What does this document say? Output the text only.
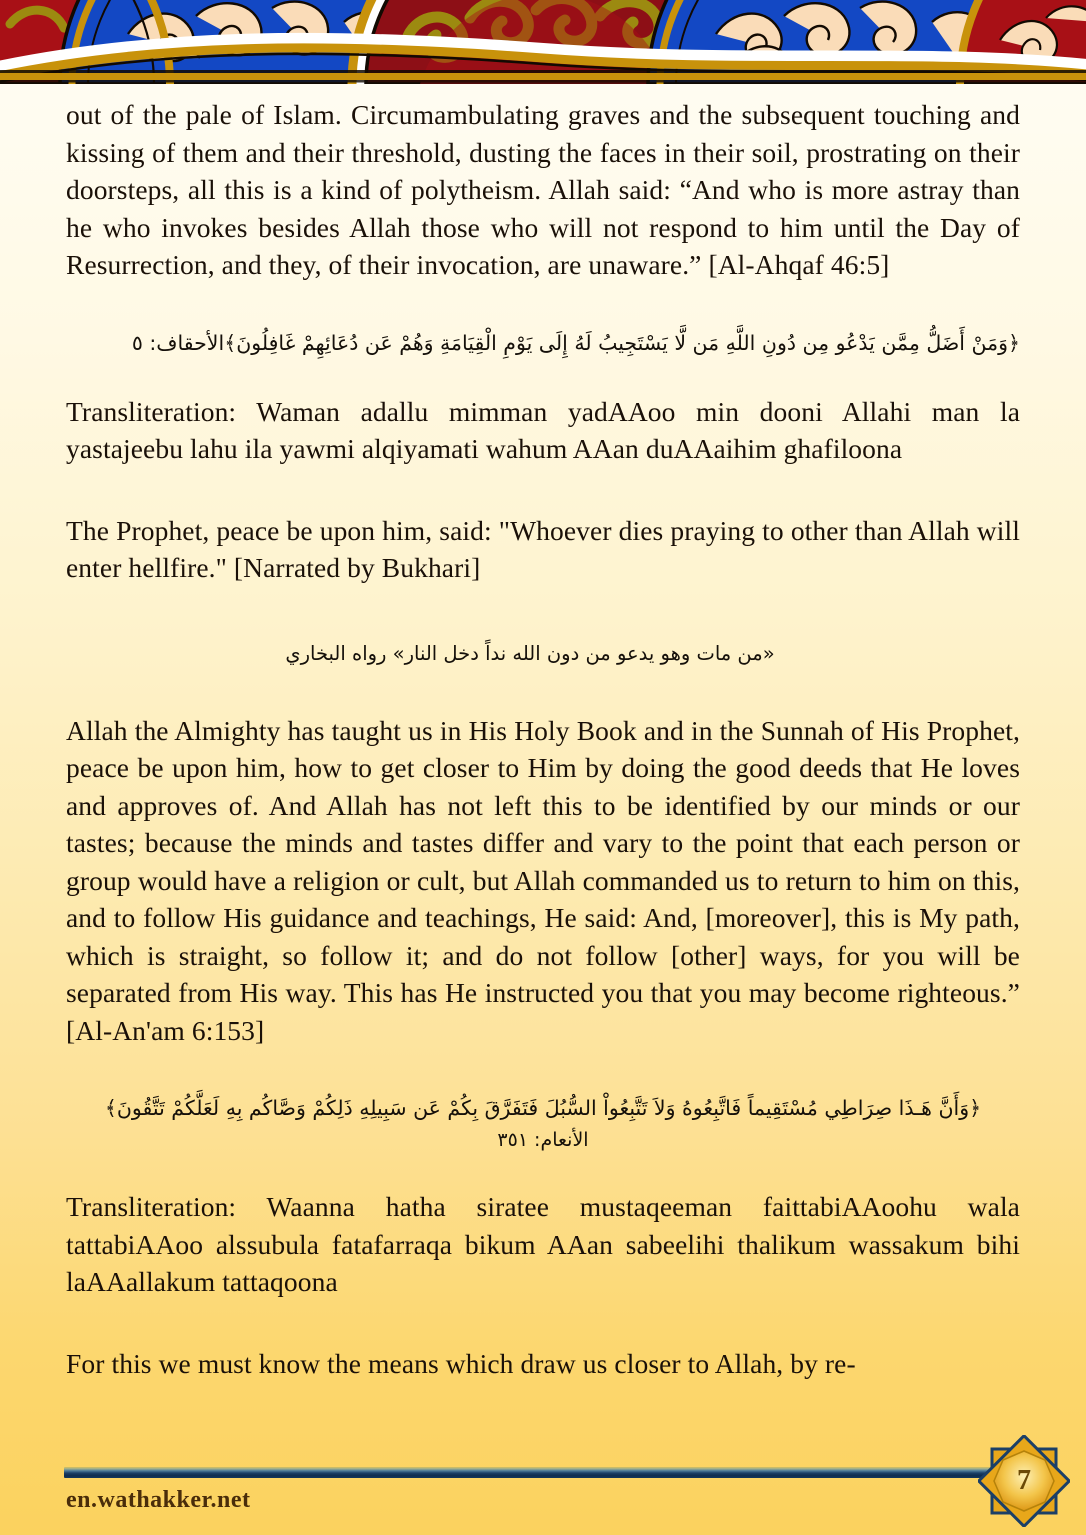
out of the pale of Islam. Circumambulating graves and the subsequent touching and kissing of them and their threshold, dusting the faces in their soil, prostrating on their doorsteps, all this is a kind of polytheism. Allah said: “And who is more astray than he who invokes besides Allah those who will not respond to him until the Day of Resurrection, and they, of their invocation, are unaware.” [Al-Ahqaf 46:5]

﴿وَمَنْ أَضَلُّ مِمَّن يَدْعُو مِن دُونِ اللَّهِ مَن لَّا يَسْتَجِيبُ لَهُ إِلَى يَوْمِ الْقِيَامَةِ وَهُمْ عَن دُعَائِهِمْ غَافِلُونَ﴾الأحقاف: ٥

Transliteration: Waman adallu mimman yadAAoo min dooni Allahi man la yastajeebu lahu ila yawmi alqiyamati wahum AAan duAAaihim ghafiloona

The Prophet, peace be upon him, said: "Whoever dies praying to other than Allah will enter hellfire." [Narrated by Bukhari]

«من مات وهو يدعو من دون الله نداً دخل النار» رواه البخاري

Allah the Almighty has taught us in His Holy Book and in the Sunnah of His Prophet, peace be upon him, how to get closer to Him by doing the good deeds that He loves and approves of. And Allah has not left this to be identified by our minds or our tastes; because the minds and tastes differ and vary to the point that each person or group would have a religion or cult, but Allah commanded us to return to him on this, and to follow His guidance and teachings, He said: And, [moreover], this is My path, which is straight, so follow it; and do not follow [other] ways, for you will be separated from His way. This has He instructed you that you may become righteous.” [Al-An'am 6:153]

﴿وَأَنَّ هَـذَا صِرَاطِي مُسْتَقِيماً فَاتَّبِعُوهُ وَلاَ تَتَّبِعُواْ السُّبُلَ فَتَفَرَّقَ بِكُمْ عَن سَبِيلِهِ ذَلِكُمْ وَصَّاكُم بِهِ لَعَلَّكُمْ تَتَّقُونَ﴾

الأنعام: ١٥٣

Transliteration: Waanna hatha siratee mustaqeeman faittabiAAoohu wala tattabiAAoo alssubula fatafarraqa bikum AAan sabeelihi thalikum wassakum bihi laAAallakum tattaqoona

For this we must know the means which draw us closer to Allah, by re-

en.wathakker.net
7
